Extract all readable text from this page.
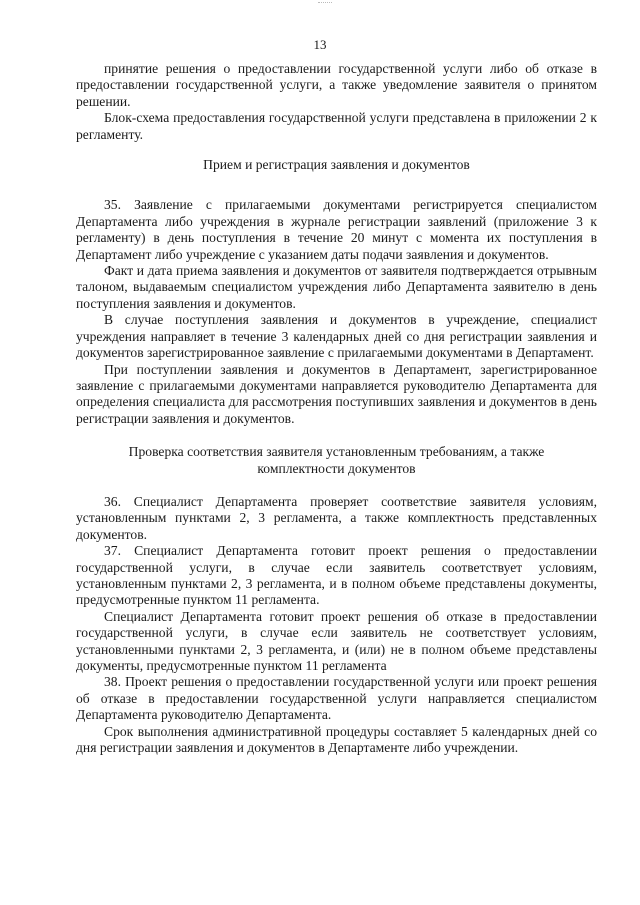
13

принятие решения о предоставлении государственной услуги либо об отказе в предоставлении государственной услуги, а также уведомление заявителя о принятом решении.

Блок-схема предоставления государственной услуги представлена в приложении 2 к регламенту.

Прием и регистрация заявления и документов

35. Заявление с прилагаемыми документами регистрируется специалистом Департамента либо учреждения в журнале регистрации заявлений (приложение 3 к регламенту) в день поступления в течение 20 минут с момента их поступления в Департамент либо учреждение с указанием даты подачи заявления и документов.

Факт и дата приема заявления и документов от заявителя подтверждается отрывным талоном, выдаваемым специалистом учреждения либо Департамента заявителю в день поступления заявления и документов.

В случае поступления заявления и документов в учреждение, специалист учреждения направляет в течение 3 календарных дней со дня регистрации заявления и документов зарегистрированное заявление с прилагаемыми документами в Департамент.

При поступлении заявления и документов в Департамент, зарегистрированное заявление с прилагаемыми документами направляется руководителю Департамента для определения специалиста для рассмотрения поступивших заявления и документов в день регистрации заявления и документов.

Проверка соответствия заявителя установленным требованиям, а также комплектности документов

36. Специалист Департамента проверяет соответствие заявителя условиям, установленным пунктами 2, 3 регламента, а также комплектность представленных документов.

37. Специалист Департамента готовит проект решения о предоставлении государственной услуги, в случае если заявитель соответствует условиям, установленным пунктами 2, 3 регламента, и в полном объеме представлены документы, предусмотренные пунктом 11 регламента.

Специалист Департамента готовит проект решения об отказе в предоставлении государственной услуги, в случае если заявитель не соответствует условиям, установленными пунктами 2, 3 регламента, и (или) не в полном объеме представлены документы, предусмотренные пунктом 11 регламента

38. Проект решения о предоставлении государственной услуги или проект решения об отказе в предоставлении государственной услуги направляется специалистом Департамента руководителю Департамента.

Срок выполнения административной процедуры составляет 5 календарных дней со дня регистрации заявления и документов в Департаменте либо учреждении.
